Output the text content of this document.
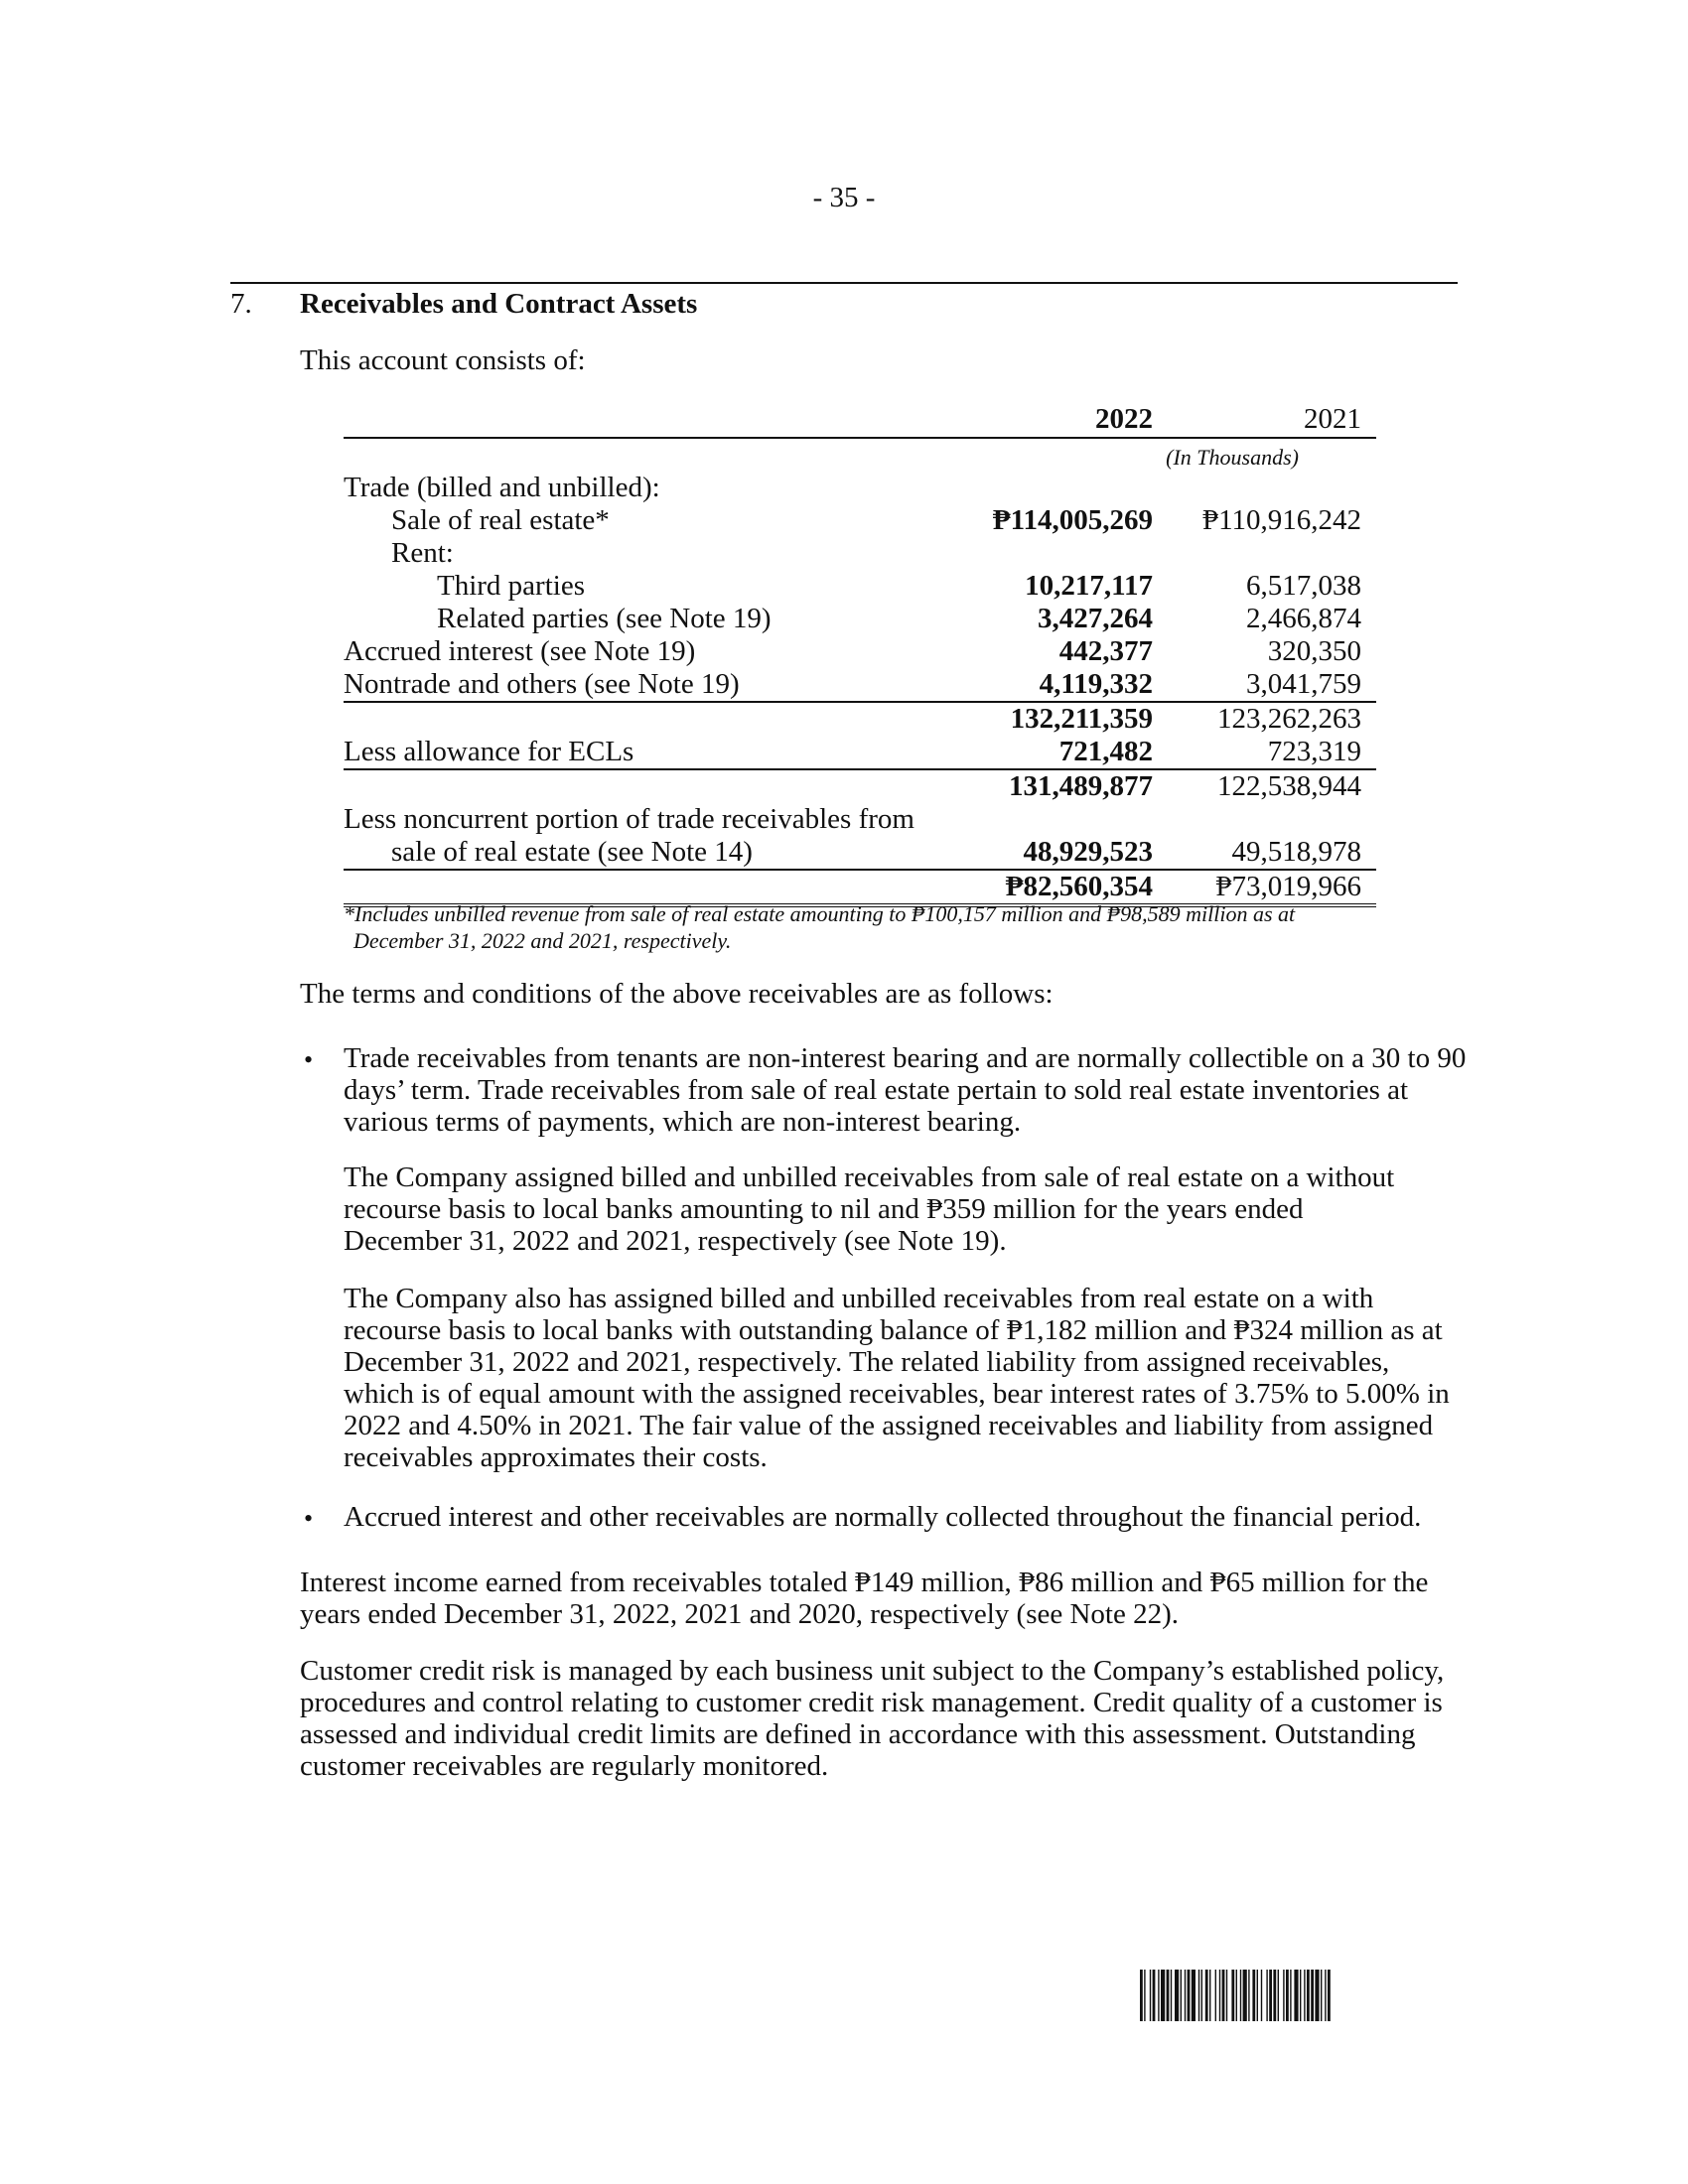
- 35 -
7. Receivables and Contract Assets
This account consists of:
2022	2021
(In Thousands)
Trade (billed and unbilled):
Sale of real estate*	₱114,005,269 ₱110,916,242
Rent:
Third parties	10,217,117	6,517,038
Related parties (see Note 19)	3,427,264	2,466,874
Accrued interest (see Note 19)	442,377	320,350
Nontrade and others (see Note 19)	4,119,332	3,041,759
132,211,359 123,262,263
Less allowance for ECLs	721,482	723,319
131,489,877 122,538,944
Less noncurrent portion of trade receivables from
sale of real estate (see Note 14)	48,929,523	49,518,978
₱82,560,354 ₱73,019,966
*Includes unbilled revenue from sale of real estate amounting to ₱100,157 million and ₱98,589 million as at
December 31, 2022 and 2021, respectively.
The terms and conditions of the above receivables are as follows:
• Trade receivables from tenants are non-interest bearing and are normally collectible on a 30 to 90
days’ term. Trade receivables from sale of real estate pertain to sold real estate inventories at
various terms of payments, which are non-interest bearing.
The Company assigned billed and unbilled receivables from sale of real estate on a without
recourse basis to local banks amounting to nil and ₱359 million for the years ended
December 31, 2022 and 2021, respectively (see Note 19).
The Company also has assigned billed and unbilled receivables from real estate on a with
recourse basis to local banks with outstanding balance of ₱1,182 million and ₱324 million as at
December 31, 2022 and 2021, respectively. The related liability from assigned receivables,
which is of equal amount with the assigned receivables, bear interest rates of 3.75% to 5.00% in
2022 and 4.50% in 2021. The fair value of the assigned receivables and liability from assigned
receivables approximates their costs.
• Accrued interest and other receivables are normally collected throughout the financial period.
Interest income earned from receivables totaled ₱149 million, ₱86 million and ₱65 million for the
years ended December 31, 2022, 2021 and 2020, respectively (see Note 22).
Customer credit risk is managed by each business unit subject to the Company’s established policy,
procedures and control relating to customer credit risk management. Credit quality of a customer is
assessed and individual credit limits are defined in accordance with this assessment. Outstanding
customer receivables are regularly monitored.
